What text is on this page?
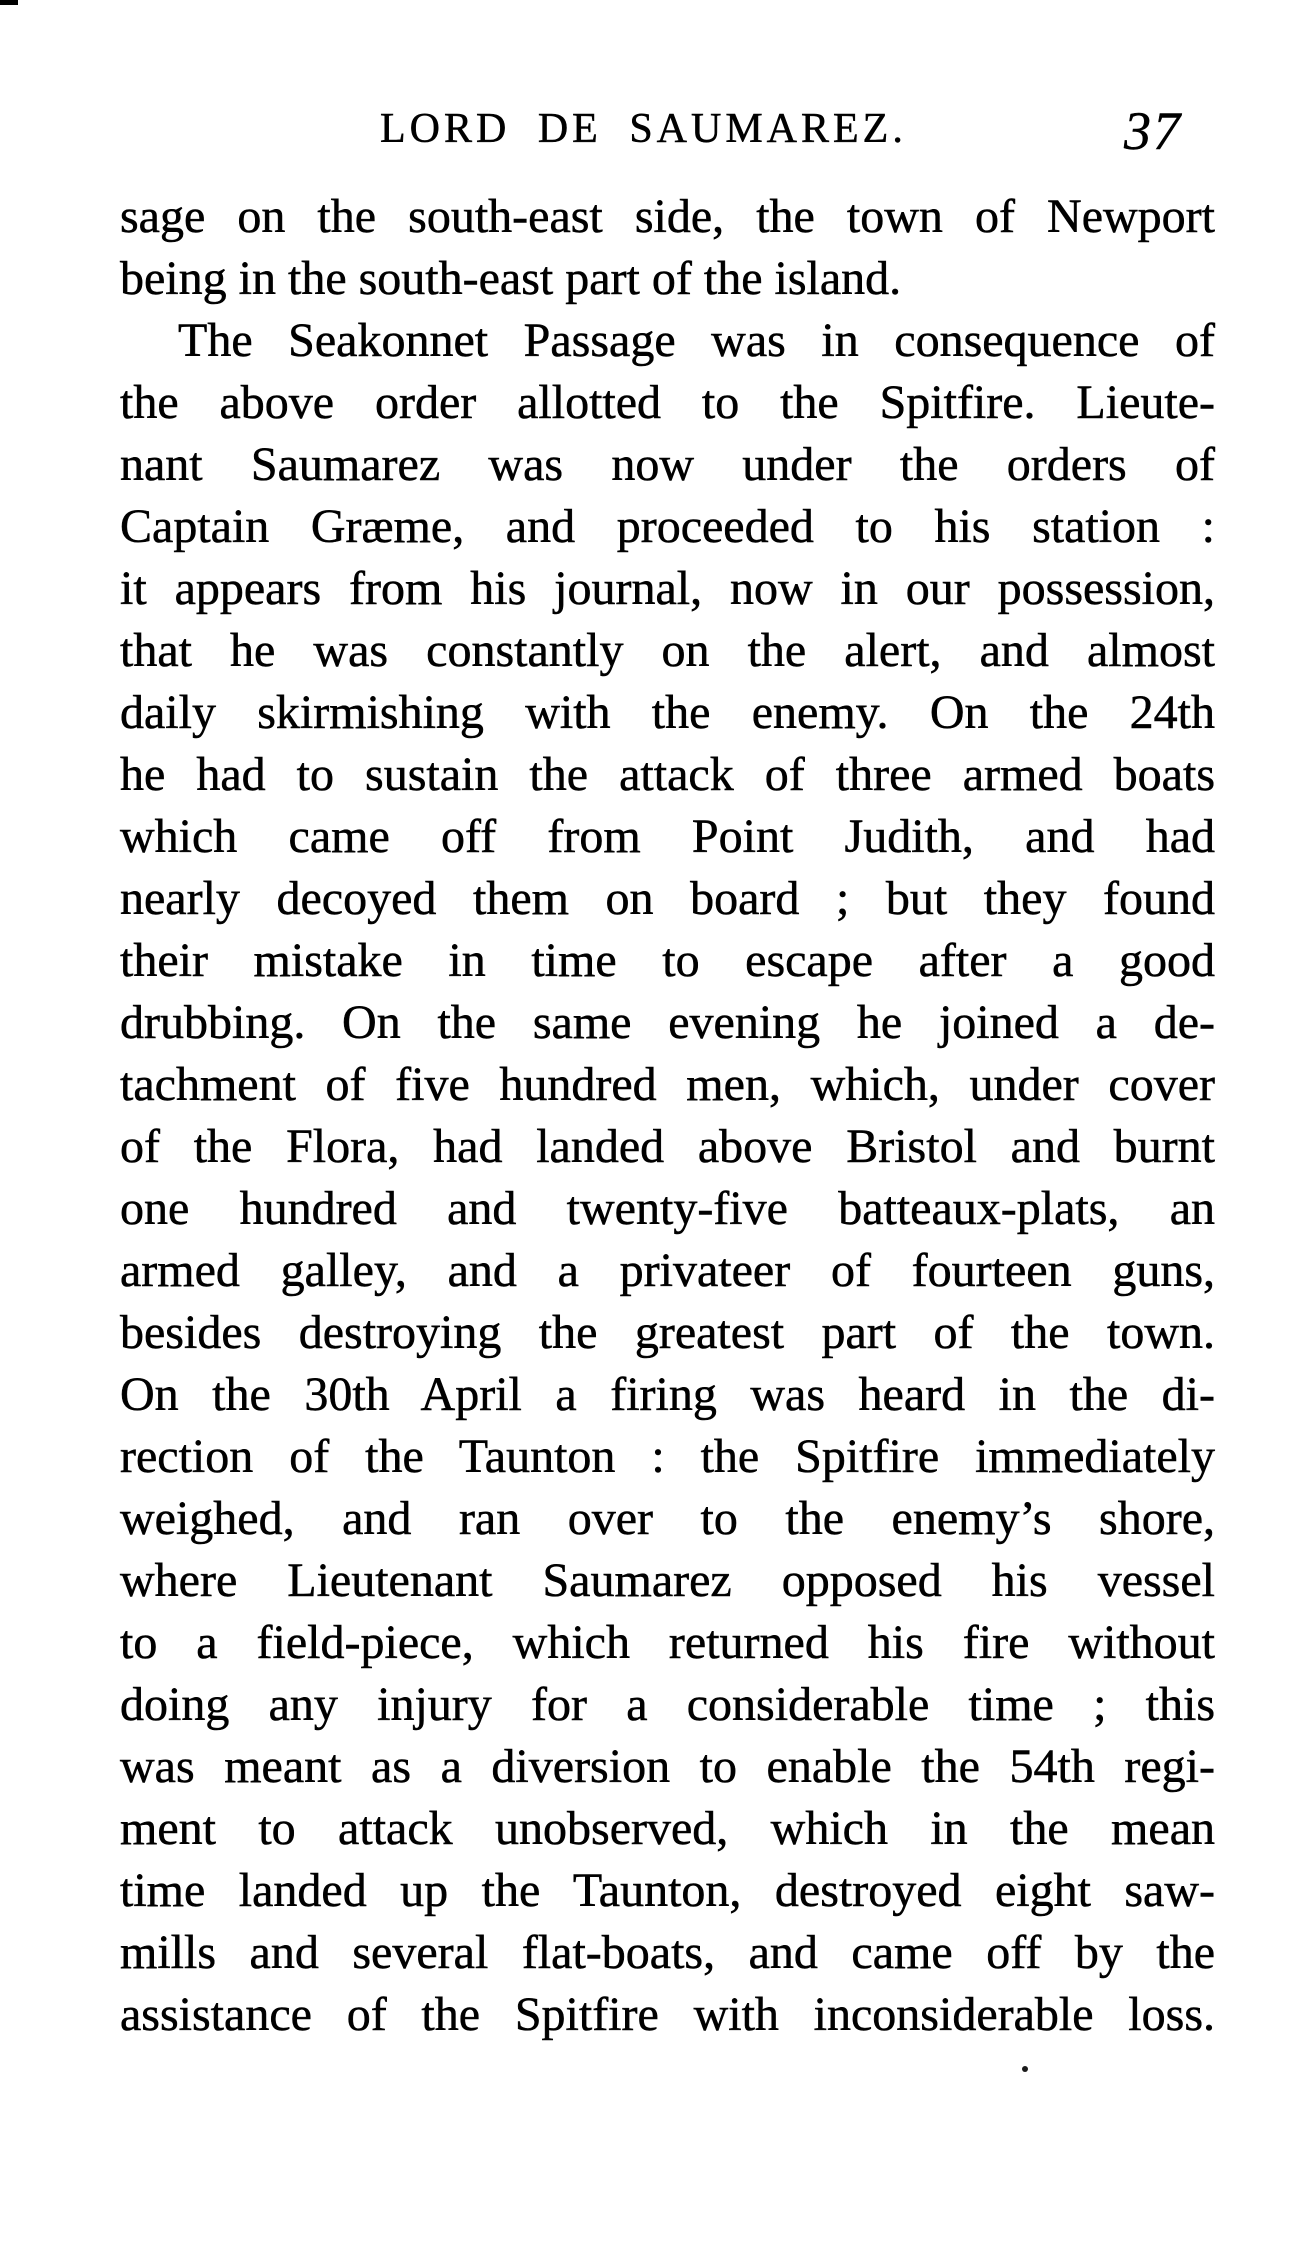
LORD DE SAUMAREZ.	37
sage on the south-east side, the town of Newport
being in the south-east part of the island.
The Seakonnet Passage was in consequence of
the above order allotted to the Spitfire. Lieute-
nant Saumarez was now under the orders of
Captain Græme, and proceeded to his station :
it appears from his journal, now in our possession,
that he was constantly on the alert, and almost
daily skirmishing with the enemy. On the 24th
he had to sustain the attack of three armed boats
which came off from Point Judith, and had
nearly decoyed them on board ; but they found
their mistake in time to escape after a good
drubbing. On the same evening he joined a de-
tachment of five hundred men, which, under cover
of the Flora, had landed above Bristol and burnt
one hundred and twenty-five batteaux-plats, an
armed galley, and a privateer of fourteen guns,
besides destroying the greatest part of the town.
On the 30th April a firing was heard in the di-
rection of the Taunton : the Spitfire immediately
weighed, and ran over to the enemy’s shore,
where Lieutenant Saumarez opposed his vessel
to a field-piece, which returned his fire without
doing any injury for a considerable time ; this
was meant as a diversion to enable the 54th regi-
ment to attack unobserved, which in the mean
time landed up the Taunton, destroyed eight saw-
mills and several flat-boats, and came off by the
assistance of the Spitfire with inconsiderable loss.
